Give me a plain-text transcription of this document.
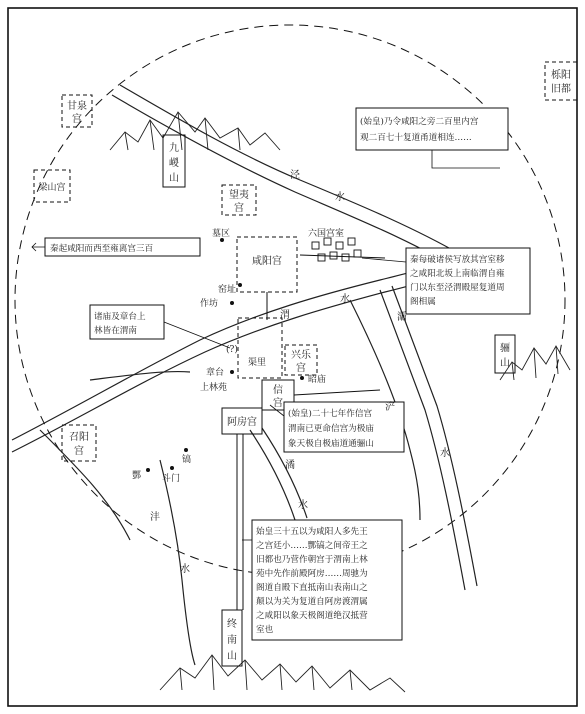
甘泉
宫
梁山宫
望夷
宫
咸阳宫
兴乐
宫
信
宫
阿房宫
召阳
宫
栎阳
旧都
六国宫室
九
嵕
山
骊
山
终
南
山
泾
水
渭
水
灞
浐
水
潏
水
沣
水
墓区
窑址
作坊
(?)
章台
上林苑
渠里
昭庙
镐
酆 斗门
(始皇)乃令咸阳之旁二百里内宫
观二百七十复道甬道相连……
秦起咸阳而西至雍离宫三百
秦每破诸侯写放其宫室移
之咸阳北坂上南临渭自雍
门以东至泾渭殿屋复道周
阁相属
诸庙及章台上
林皆在渭南
(始皇)二十七年作信宫
渭南已更命信宫为极庙
象天极自极庙道通骊山
始皇三十五以为咸阳人多先王
之宫廷小……酆镐之间帝王之
旧都也乃营作朝宫于渭南上林
苑中先作前殿阿房……周驰为
阁道自殿下直抵南山表南山之
颠以为关为复道自阿房渡渭属
之咸阳以象天极阁道绝汉抵营
室也
